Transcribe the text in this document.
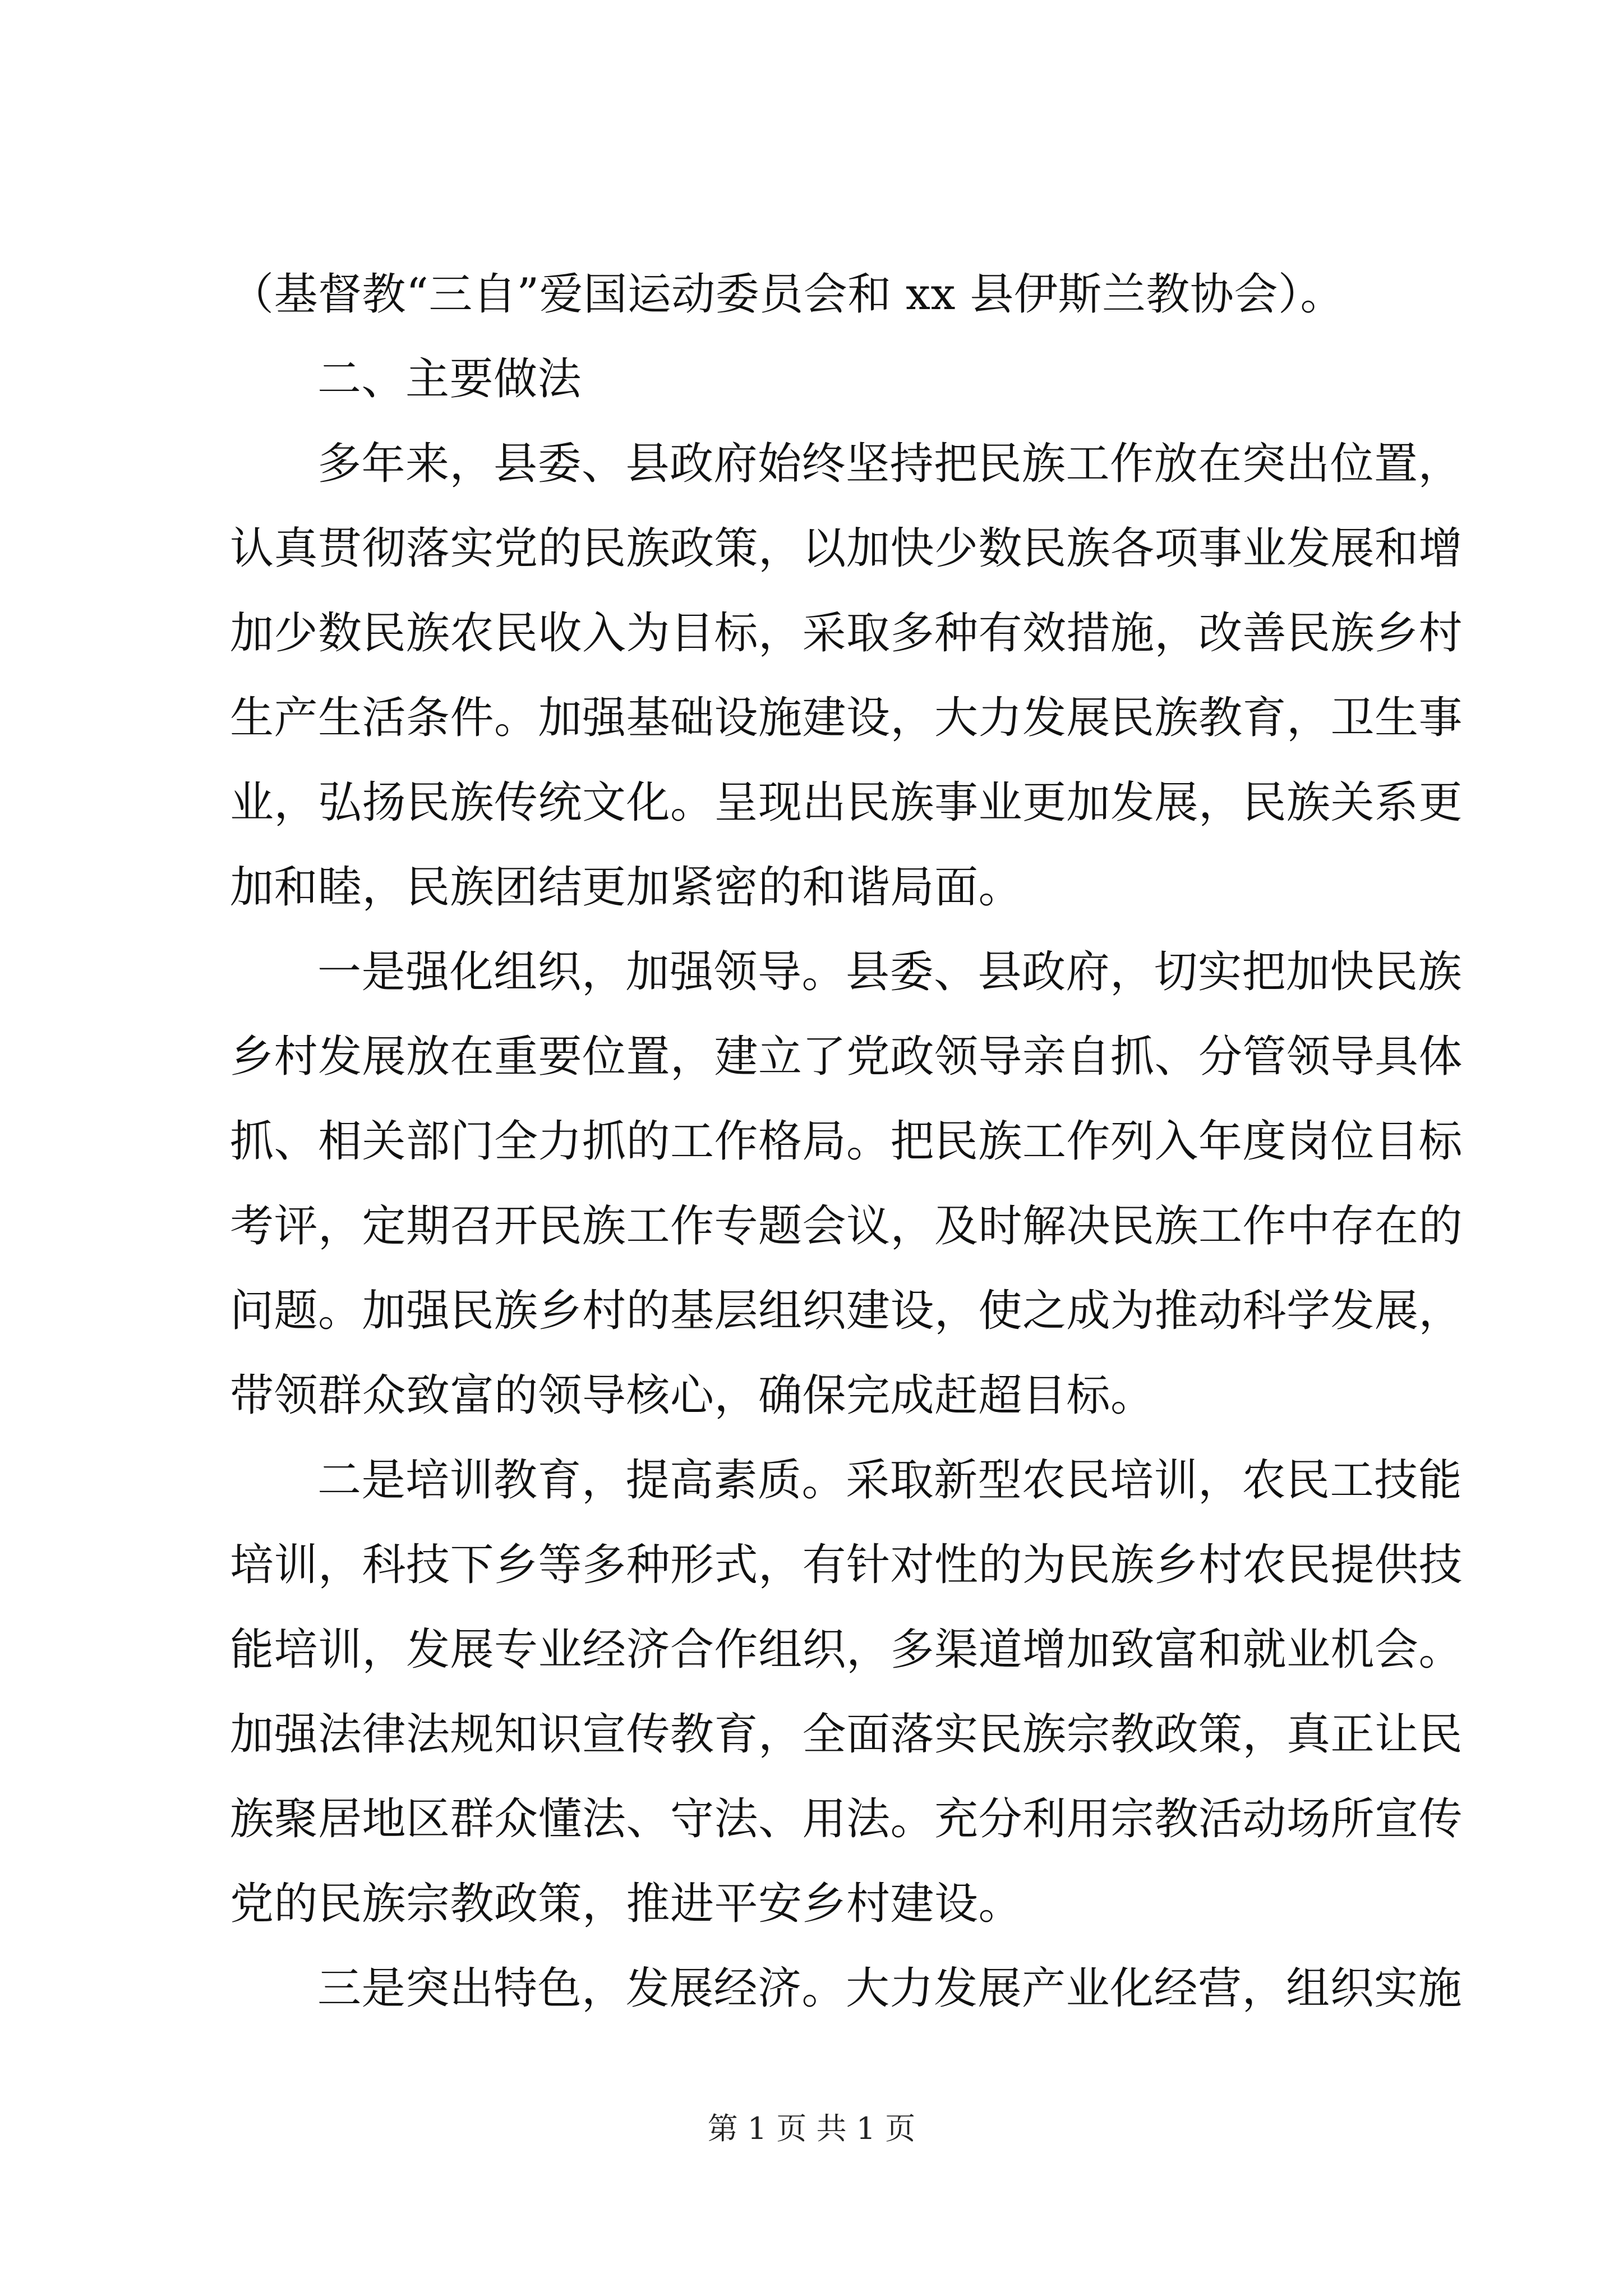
（基督教“三自”爱国运动委员会和 xx 县伊斯兰教协会）。
二、主要做法
多年来，县委、县政府始终坚持把民族工作放在突出位置，
认真贯彻落实党的民族政策，以加快少数民族各项事业发展和增
加少数民族农民收入为目标，采取多种有效措施，改善民族乡村
生产生活条件。加强基础设施建设，大力发展民族教育，卫生事
业，弘扬民族传统文化。呈现出民族事业更加发展，民族关系更
加和睦，民族团结更加紧密的和谐局面。
一是强化组织，加强领导。县委、县政府，切实把加快民族
乡村发展放在重要位置，建立了党政领导亲自抓、分管领导具体
抓、相关部门全力抓的工作格局。把民族工作列入年度岗位目标
考评，定期召开民族工作专题会议，及时解决民族工作中存在的
问题。加强民族乡村的基层组织建设，使之成为推动科学发展，
带领群众致富的领导核心，确保完成赶超目标。
二是培训教育，提高素质。采取新型农民培训，农民工技能
培训，科技下乡等多种形式，有针对性的为民族乡村农民提供技
能培训，发展专业经济合作组织，多渠道增加致富和就业机会。
加强法律法规知识宣传教育，全面落实民族宗教政策，真正让民
族聚居地区群众懂法、守法、用法。充分利用宗教活动场所宣传
党的民族宗教政策，推进平安乡村建设。
三是突出特色，发展经济。大力发展产业化经营，组织实施
第 1 页 共 1 页
